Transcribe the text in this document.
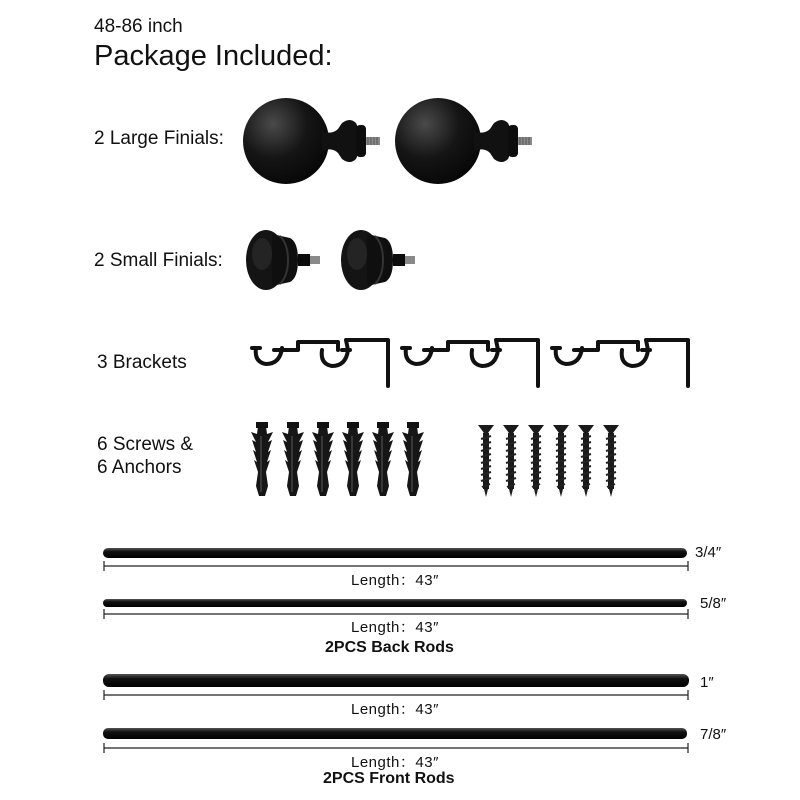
48-86 inch
Package Included:
2 Large Finials:
2 Small Finials:
3 Brackets
6 Screws &
6 Anchors
3/4″
Length：43″
5/8″
Length：43″
2PCS Back Rods
1″
Length：43″
7/8″
Length：43″
2PCS Front Rods
